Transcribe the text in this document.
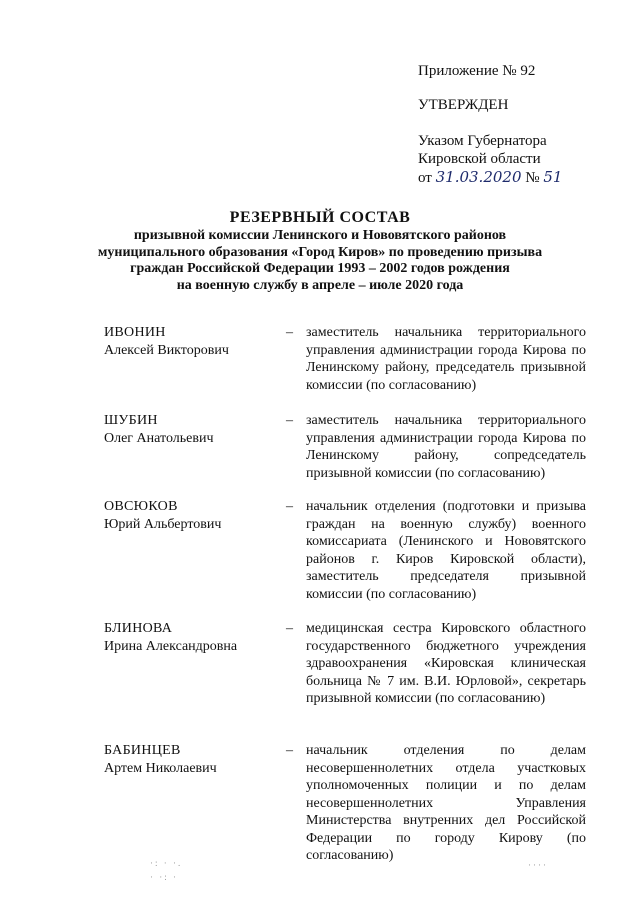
Приложение № 92
УТВЕРЖДЕН
Указом Губернатора
Кировской области
от 31.03.2020 № 51
РЕЗЕРВНЫЙ СОСТАВ
призывной комиссии Ленинского и Нововятского районов
муниципального образования «Город Киров» по проведению призыва
граждан Российской Федерации 1993 – 2002 годов рождения
на военную службу в апреле – июле 2020 года
ИВОНИН
Алексей Викторович
– заместитель начальника территориального управления администрации города Кирова по Ленинскому району, председатель призывной комиссии (по согласованию)
ШУБИН
Олег Анатольевич
– заместитель начальника территориального управления администрации города Кирова по Ленинскому району, сопредседатель призывной комиссии (по согласованию)
ОВСЮКОВ
Юрий Альбертович
– начальник отделения (подготовки и призыва граждан на военную службу) военного комиссариата (Ленинского и Нововятского районов г. Киров Кировской области), заместитель председателя призывной комиссии (по согласованию)
БЛИНОВА
Ирина Александровна
– медицинская сестра Кировского областного государственного бюджетного учреждения здравоохранения «Кировская клиническая больница № 7 им. В.И. Юрловой», секретарь призывной комиссии (по согласованию)
БАБИНЦЕВ
Артем Николаевич
– начальник отделения по делам несовершеннолетних отдела участковых уполномоченных полиции и по делам несовершеннолетних Управления Министерства внутренних дел Российской Федерации по городу Кирову (по согласованию)
·: · ·.
· ·: ·
····
